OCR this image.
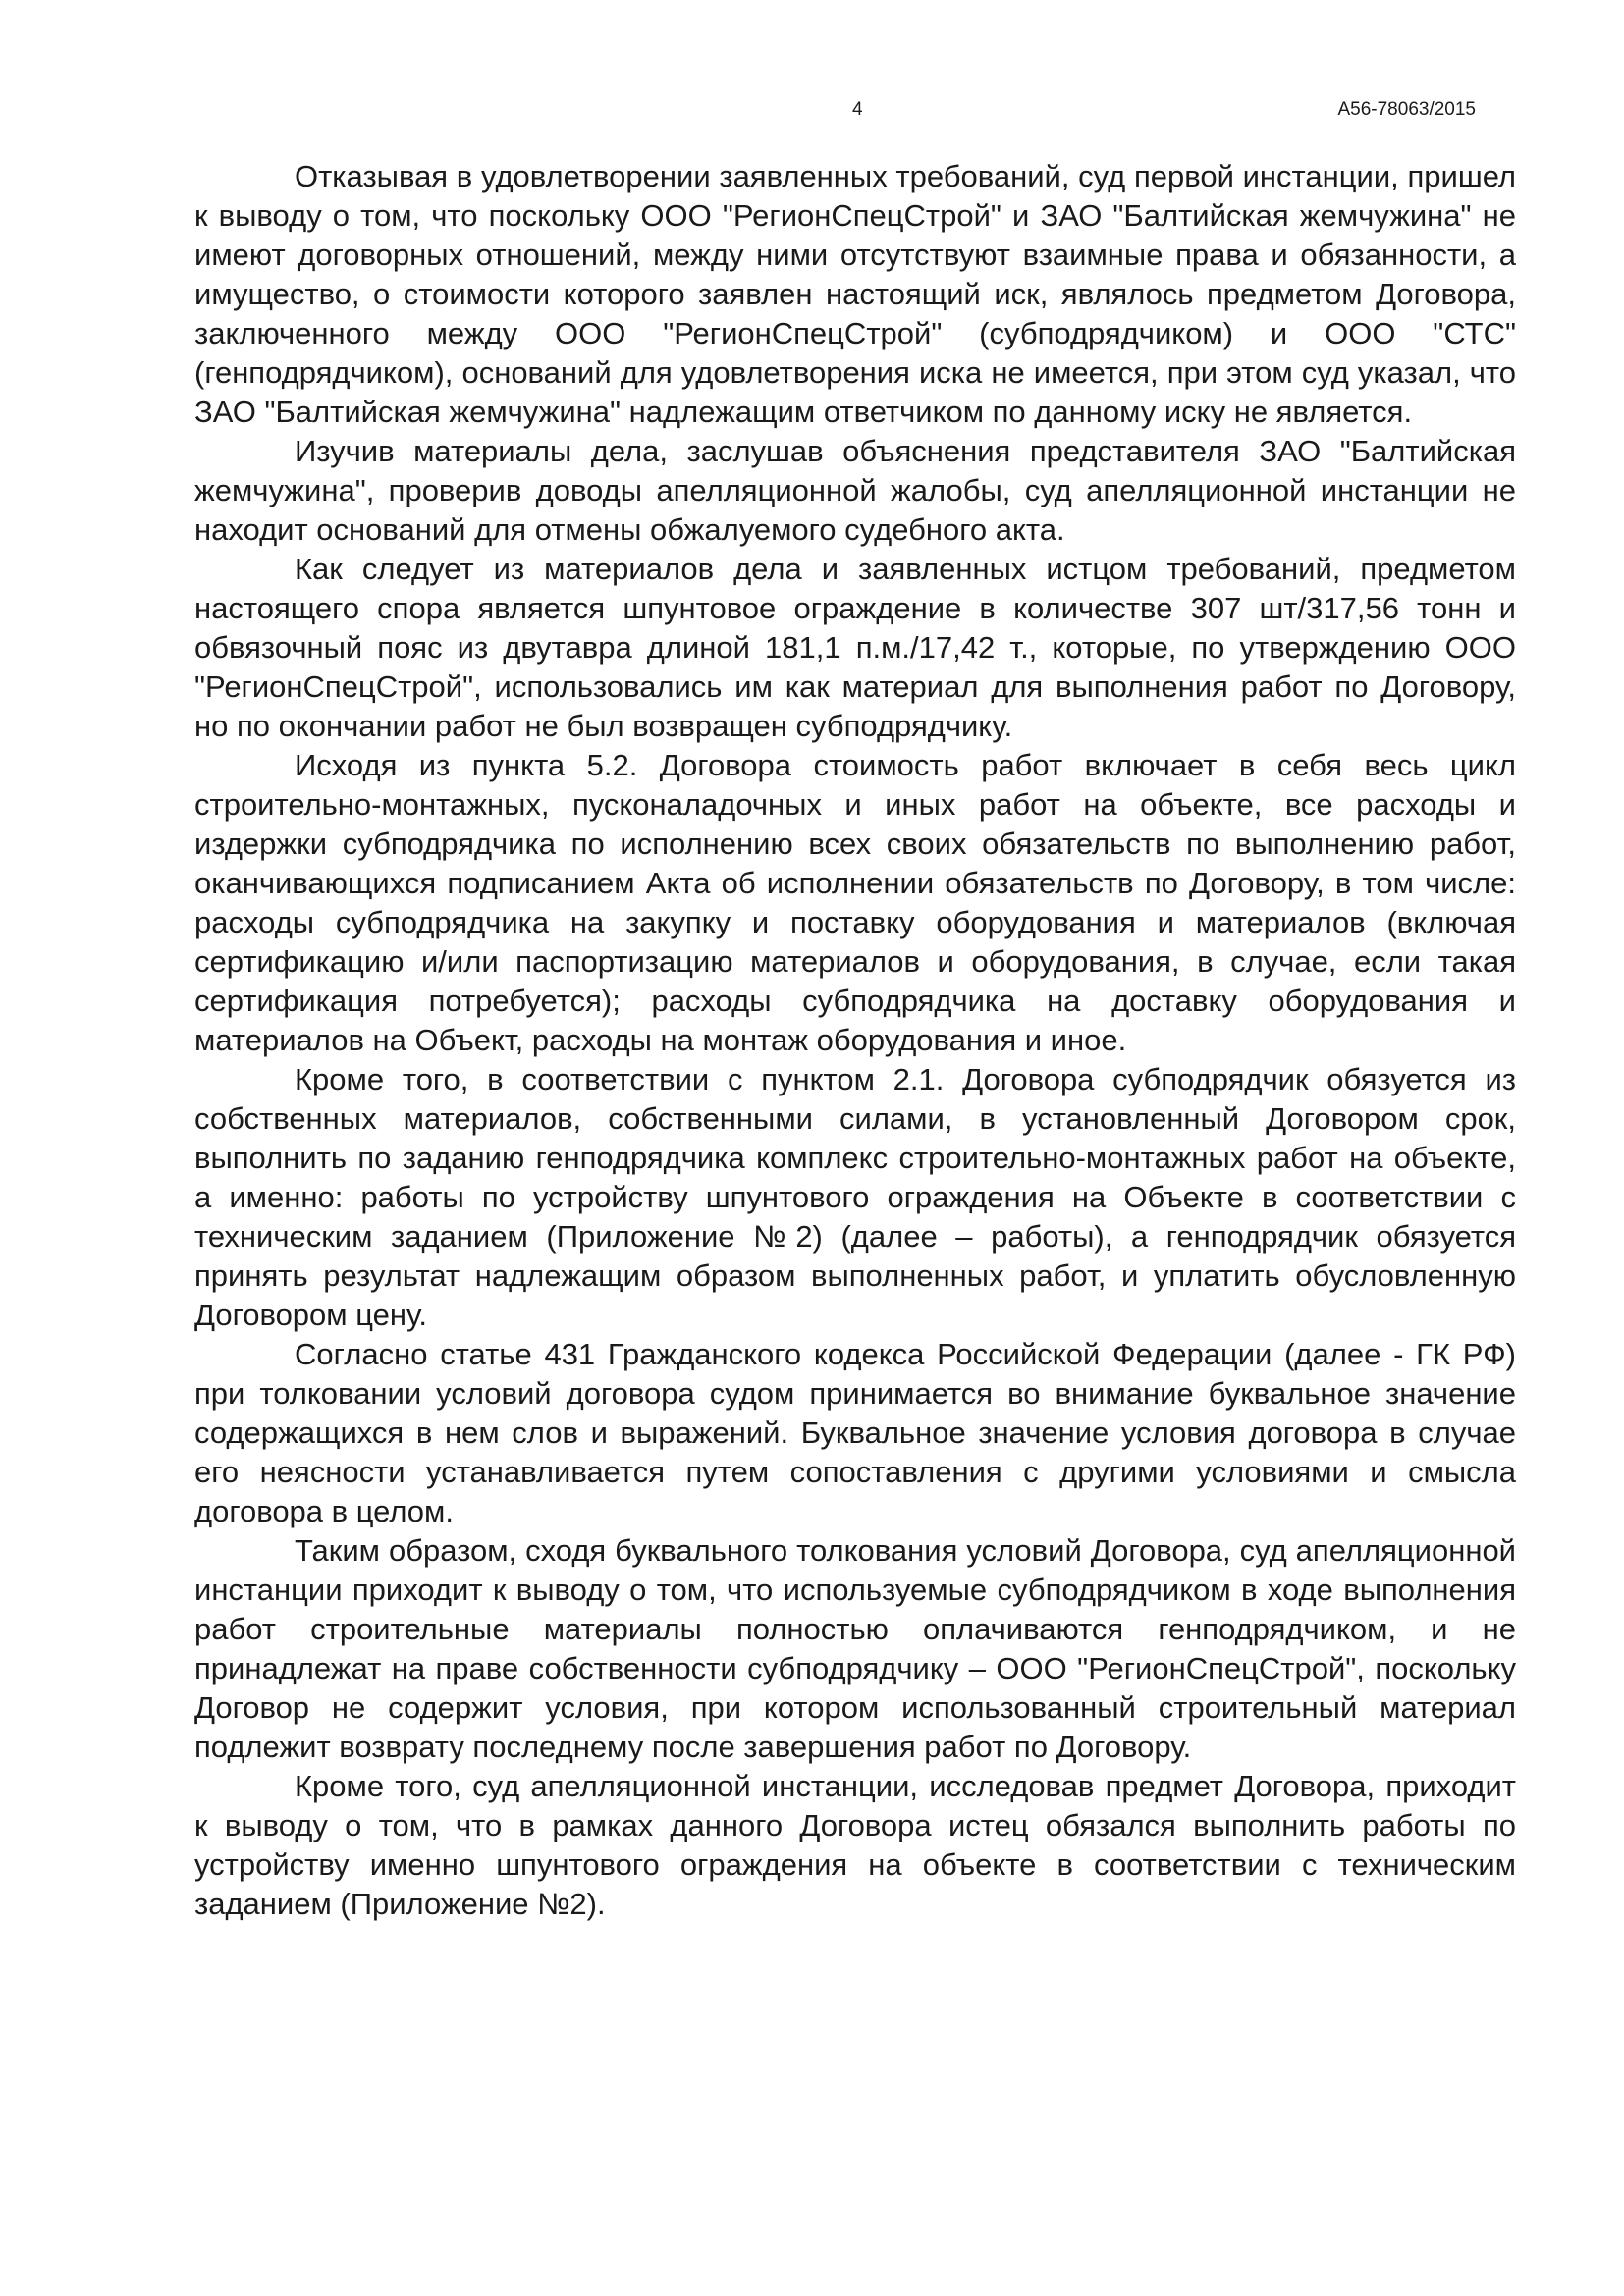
4	А56-78063/2015

Отказывая в удовлетворении заявленных требований, суд первой инстанции, пришел к выводу о том, что поскольку ООО "РегионСпецСтрой" и ЗАО "Балтийская жемчужина" не имеют договорных отношений, между ними отсутствуют взаимные права и обязанности, а имущество, о стоимости которого заявлен настоящий иск, являлось предметом Договора, заключенного между ООО "РегионСпецСтрой" (субподрядчиком) и ООО "СТС" (генподрядчиком), оснований для удовлетворения иска не имеется, при этом суд указал, что ЗАО "Балтийская жемчужина" надлежащим ответчиком по данному иску не является.

Изучив материалы дела, заслушав объяснения представителя ЗАО "Балтийская жемчужина", проверив доводы апелляционной жалобы, суд апелляционной инстанции не находит оснований для отмены обжалуемого судебного акта.

Как следует из материалов дела и заявленных истцом требований, предметом настоящего спора является шпунтовое ограждение в количестве 307 шт/317,56 тонн и обвязочный пояс из двутавра длиной 181,1 п.м./17,42 т., которые, по утверждению ООО "РегионСпецСтрой", использовались им как материал для выполнения работ по Договору, но по окончании работ не был возвращен субподрядчику.

Исходя из пункта 5.2. Договора стоимость работ включает в себя весь цикл строительно-монтажных, пусконаладочных и иных работ на объекте, все расходы и издержки субподрядчика по исполнению всех своих обязательств по выполнению работ, оканчивающихся подписанием Акта об исполнении обязательств по Договору, в том числе: расходы субподрядчика на закупку и поставку оборудования и материалов (включая сертификацию и/или паспортизацию материалов и оборудования, в случае, если такая сертификация потребуется); расходы субподрядчика на доставку оборудования и материалов на Объект, расходы на монтаж оборудования и иное.

Кроме того, в соответствии с пунктом 2.1. Договора субподрядчик обязуется из собственных материалов, собственными силами, в установленный Договором срок, выполнить по заданию генподрядчика комплекс строительно-монтажных работ на объекте, а именно: работы по устройству шпунтового ограждения на Объекте в соответствии с техническим заданием (Приложение №2) (далее – работы), а генподрядчик обязуется принять результат надлежащим образом выполненных работ, и уплатить обусловленную Договором цену.

Согласно статье 431 Гражданского кодекса Российской Федерации (далее - ГК РФ) при толковании условий договора судом принимается во внимание буквальное значение содержащихся в нем слов и выражений. Буквальное значение условия договора в случае его неясности устанавливается путем сопоставления с другими условиями и смысла договора в целом.

Таким образом, сходя буквального толкования условий Договора, суд апелляционной инстанции приходит к выводу о том, что используемые субподрядчиком в ходе выполнения работ строительные материалы полностью оплачиваются генподрядчиком, и не принадлежат на праве собственности субподрядчику – ООО "РегионСпецСтрой", поскольку Договор не содержит условия, при котором использованный строительный материал подлежит возврату последнему после завершения работ по Договору.

Кроме того, суд апелляционной инстанции, исследовав предмет Договора, приходит к выводу о том, что в рамках данного Договора истец обязался выполнить работы по устройству именно шпунтового ограждения на объекте в соответствии с техническим заданием (Приложение №2).
